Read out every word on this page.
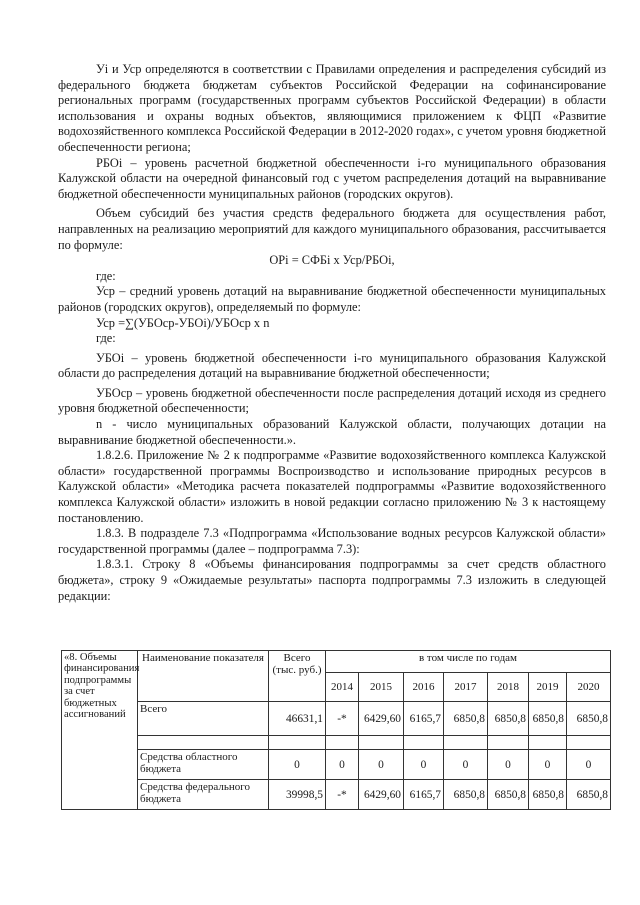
Уi и Уср определяются в соответствии с Правилами определения и распределения субсидий из федерального бюджета бюджетам субъектов Российской Федерации на софинансирование региональных программ (государственных программ субъектов Российской Федерации) в области использования и охраны водных объектов, являющимися приложением к ФЦП «Развитие водохозяйственного комплекса Российской Федерации в 2012-2020 годах», с учетом уровня бюджетной обеспеченности региона;

РБОi – уровень расчетной бюджетной обеспеченности i-го муниципального образования Калужской области на очередной финансовый год с учетом распределения дотаций на выравнивание бюджетной обеспеченности муниципальных районов (городских округов).

Объем субсидий без участия средств федерального бюджета для осуществления работ, направленных на реализацию мероприятий для каждого муниципального образования, рассчитывается по формуле:

ОРi = СФБi х Уср/РБОi,

где:

Уср – средний уровень дотаций на выравнивание бюджетной обеспеченности муниципальных районов (городских округов), определяемый по формуле:

Уср =∑(УБОср-УБОi)/УБОср х n

где:

УБОi – уровень бюджетной обеспеченности i-го муниципального образования Калужской области до распределения дотаций на выравнивание бюджетной обеспеченности;

УБОср – уровень бюджетной обеспеченности после распределения дотаций исходя из среднего уровня бюджетной обеспеченности;

n - число муниципальных образований Калужской области, получающих дотации на выравнивание бюджетной обеспеченности.».

1.8.2.6. Приложение № 2 к подпрограмме «Развитие водохозяйственного комплекса Калужской области» государственной программы Воспроизводство и использование природных ресурсов в Калужской области» «Методика расчета показателей подпрограммы «Развитие водохозяйственного комплекса Калужской области» изложить в новой редакции согласно приложению № 3 к настоящему постановлению.

1.8.3. В подразделе 7.3 «Подпрограмма «Использование водных ресурсов Калужской области» государственной программы (далее – подпрограмма 7.3):

1.8.3.1. Строку 8 «Объемы финансирования подпрограммы за счет средств областного бюджета», строку 9 «Ожидаемые результаты» паспорта подпрограммы 7.3 изложить в следующей редакции:

«8. Объемы финансирования подпрограммы за счет бюджетных ассигнований	Наименование показателя	Всего (тыс. руб.)	в том числе по годам						
			2014	2015	2016	2017	2018	2019	2020
	Всего	46631,1	-*	6429,60	6165,7	6850,8	6850,8	6850,8	6850,8

	Средства областного бюджета	0	0	0	0	0	0	0	0
	Средства федерального бюджета	39998,5	-*	6429,60	6165,7	6850,8	6850,8	6850,8	6850,8
